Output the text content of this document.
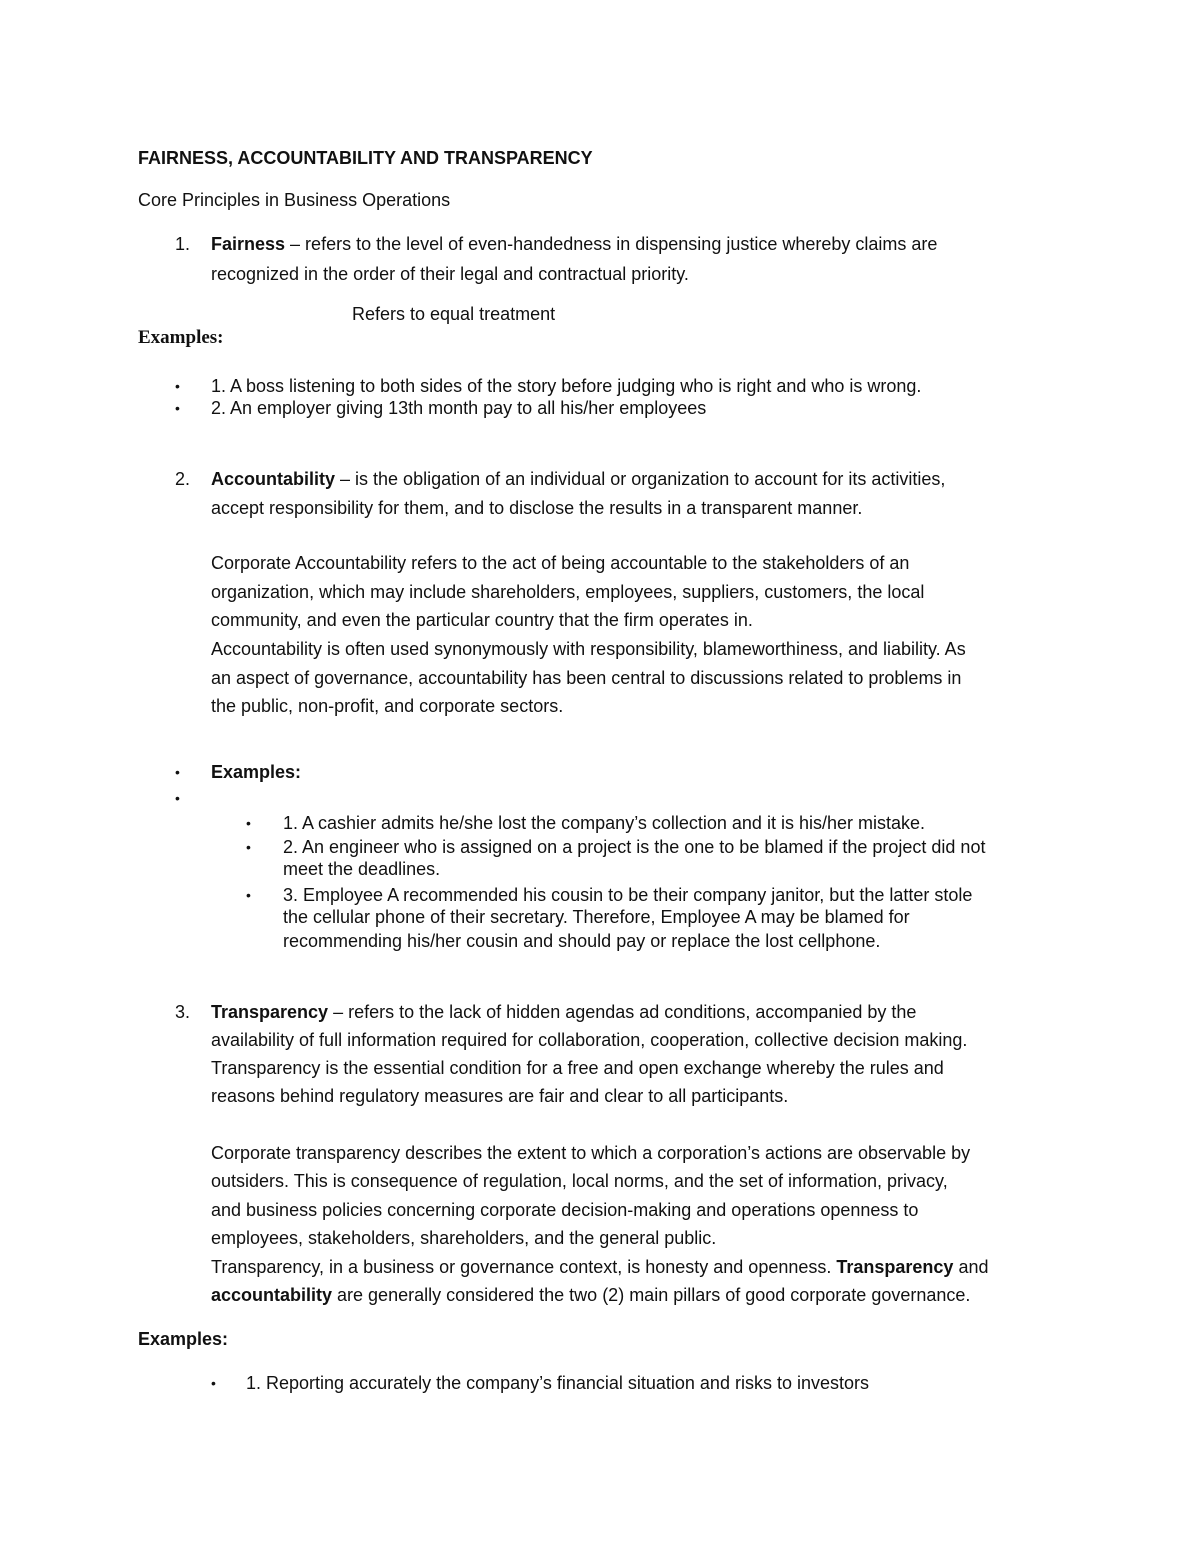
FAIRNESS, ACCOUNTABILITY AND TRANSPARENCY
Core Principles in Business Operations
1. Fairness – refers to the level of even-handedness in dispensing justice whereby claims are
recognized in the order of their legal and contractual priority.
Refers to equal treatment
Examples:
• 1. A boss listening to both sides of the story before judging who is right and who is wrong.
• 2. An employer giving 13th month pay to all his/her employees
2. Accountability – is the obligation of an individual or organization to account for its activities,
accept responsibility for them, and to disclose the results in a transparent manner.
Corporate Accountability refers to the act of being accountable to the stakeholders of an
organization, which may include shareholders, employees, suppliers, customers, the local
community, and even the particular country that the firm operates in.
Accountability is often used synonymously with responsibility, blameworthiness, and liability. As
an aspect of governance, accountability has been central to discussions related to problems in
the public, non-profit, and corporate sectors.
• Examples:
•
• 1. A cashier admits he/she lost the company’s collection and it is his/her mistake.
• 2. An engineer who is assigned on a project is the one to be blamed if the project did not
meet the deadlines.
• 3. Employee A recommended his cousin to be their company janitor, but the latter stole
the cellular phone of their secretary. Therefore, Employee A may be blamed for
recommending his/her cousin and should pay or replace the lost cellphone.
3. Transparency – refers to the lack of hidden agendas ad conditions, accompanied by the
availability of full information required for collaboration, cooperation, collective decision making.
Transparency is the essential condition for a free and open exchange whereby the rules and
reasons behind regulatory measures are fair and clear to all participants.
Corporate transparency describes the extent to which a corporation’s actions are observable by
outsiders. This is consequence of regulation, local norms, and the set of information, privacy,
and business policies concerning corporate decision-making and operations openness to
employees, stakeholders, shareholders, and the general public.
Transparency, in a business or governance context, is honesty and openness. Transparency and
accountability are generally considered the two (2) main pillars of good corporate governance.
Examples:
• 1. Reporting accurately the company’s financial situation and risks to investors
